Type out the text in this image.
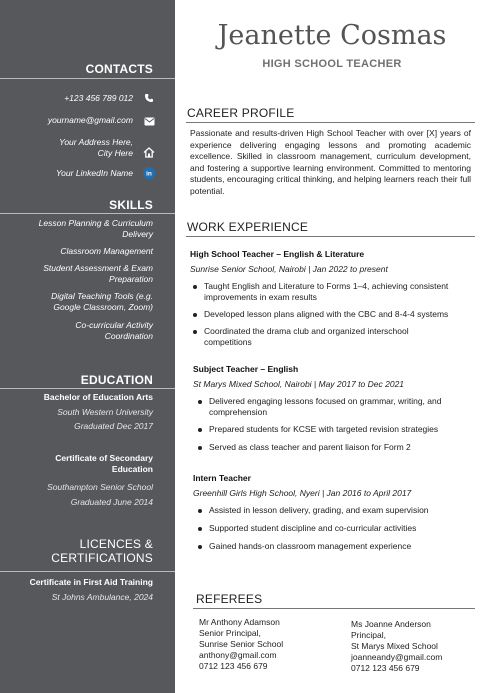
CONTACTS
+123 456 789 012
yourname@gmail.com
Your Address Here,
City Here
Your LinkedIn Name in
SKILLS
Lesson Planning & Curriculum
Delivery
Classroom Management
Student Assessment & Exam
Preparation
Digital Teaching Tools (e.g.
Google Classroom, Zoom)
Co-curricular Activity
Coordination
EDUCATION
Bachelor of Education Arts
South Western University
Graduated Dec 2017
Certificate of Secondary
Education
Southampton Senior School
Graduated June 2014
LICENCES &
CERTIFICATIONS
Certificate in First Aid Training
St Johns Ambulance, 2024
Jeanette Cosmas
HIGH SCHOOL TEACHER
CAREER PROFILE
Passionate and results-driven High School Teacher with over [X] years of experience delivering engaging lessons and promoting academic excellence. Skilled in classroom management, curriculum development, and fostering a supportive learning environment. Committed to mentoring students, encouraging critical thinking, and helping learners reach their full potential.
WORK EXPERIENCE
High School Teacher – English & Literature
Sunrise Senior School, Nairobi | Jan 2022 to present
Taught English and Literature to Forms 1–4, achieving consistent
improvements in exam results
Developed lesson plans aligned with the CBC and 8-4-4 systems
Coordinated the drama club and organized interschool
competitions
Subject Teacher – English
St Marys Mixed School, Nairobi | May 2017 to Dec 2021
Delivered engaging lessons focused on grammar, writing, and
comprehension
Prepared students for KCSE with targeted revision strategies
Served as class teacher and parent liaison for Form 2
Intern Teacher
Greenhill Girls High School, Nyeri | Jan 2016 to April 2017
Assisted in lesson delivery, grading, and exam supervision
Supported student discipline and co-curricular activities
Gained hands-on classroom management experience
REFEREES
Mr Anthony Adamson
Senior Principal,
Sunrise Senior School
anthony@gmail.com
0712 123 456 679
Ms Joanne Anderson
Principal,
St Marys Mixed School
joanneandy@gmail.com
0712 123 456 679
